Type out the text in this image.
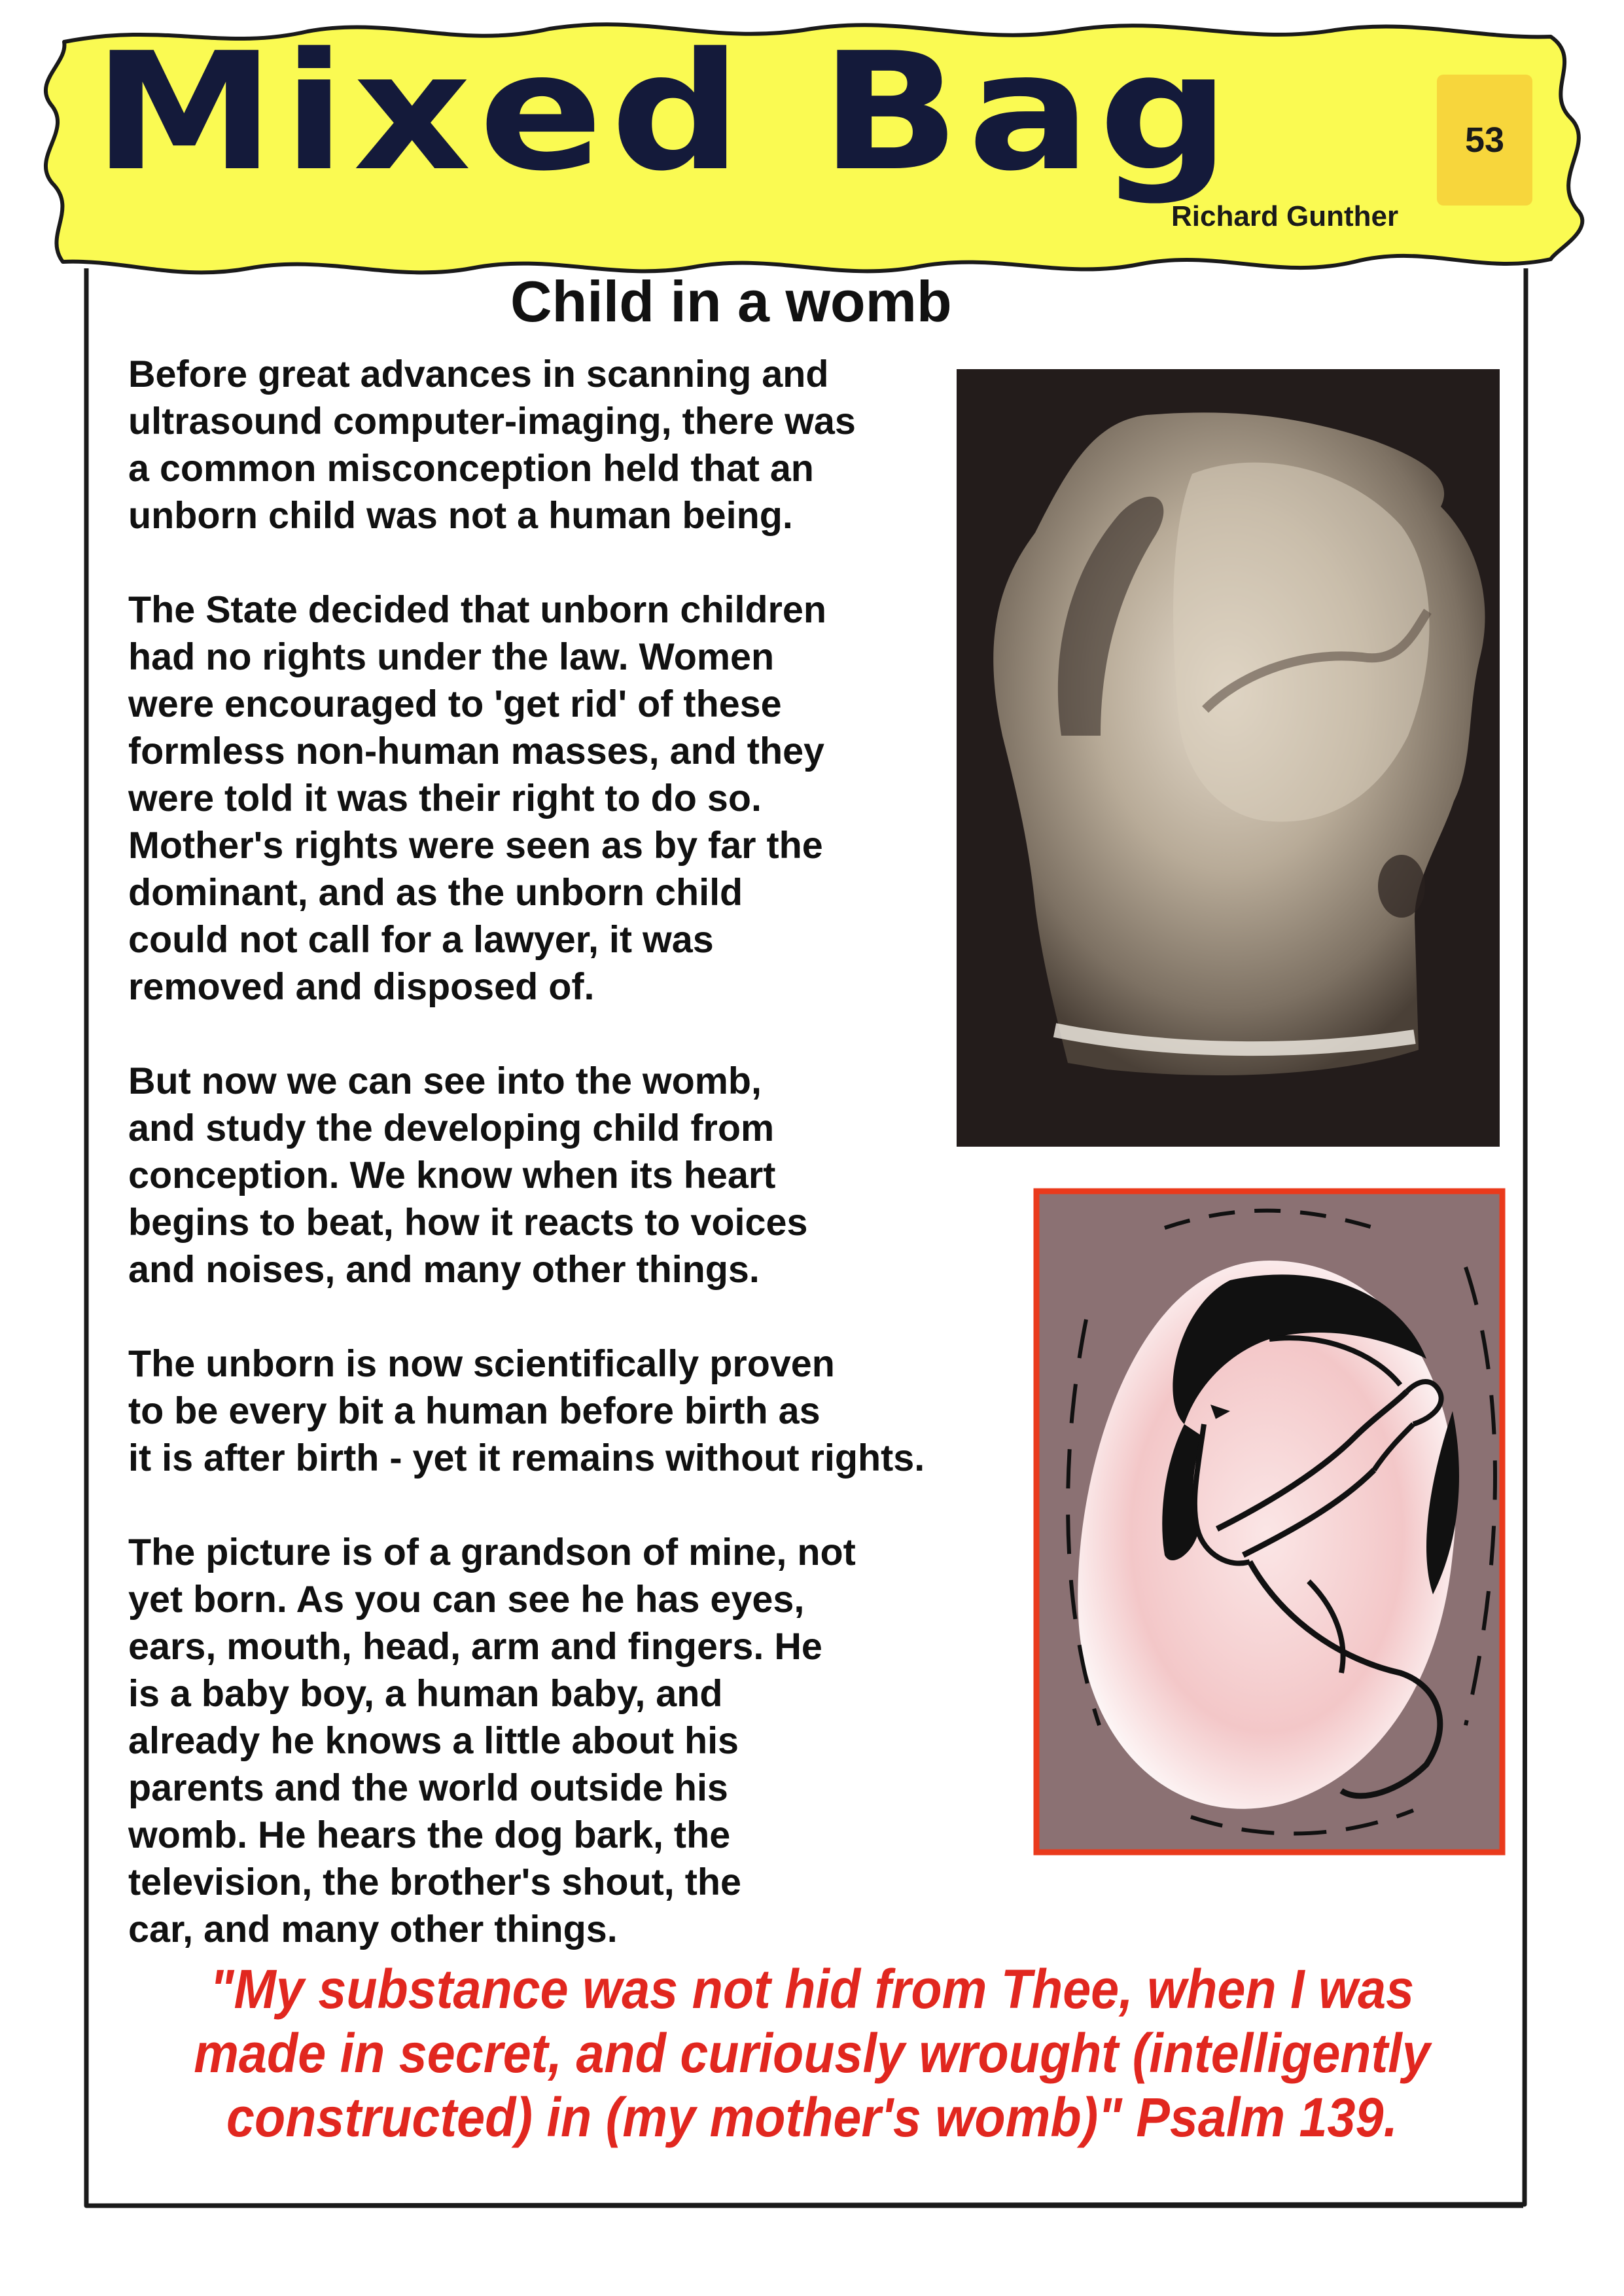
Mixed Bag	53
Richard Gunther
Child in a womb

Before great advances in scanning and
ultrasound computer-imaging, there was
a common misconception held that an
unborn child was not a human being.

The State decided that unborn children
had no rights under the law. Women
were encouraged to 'get rid' of these
formless non-human masses, and they
were told it was their right to do so.
Mother's rights were seen as by far the
dominant, and as the unborn child
could not call for a lawyer, it was
removed and disposed of.

But now we can see into the womb,
and study the developing child from
conception. We know when its heart
begins to beat, how it reacts to voices
and noises, and many other things.

The unborn is now scientifically proven
to be every bit a human before birth as
it is after birth - yet it remains without rights.

The picture is of a grandson of mine, not
yet born. As you can see he has eyes,
ears, mouth, head, arm and fingers. He
is a baby boy, a human baby, and
already he knows a little about his
parents and the world outside his
womb. He hears the dog bark, the
television, the brother's shout, the
car, and many other things.

"My substance was not hid from Thee, when I was made in secret, and curiously wrought (intelligently constructed) in (my mother's womb)" Psalm 139.
